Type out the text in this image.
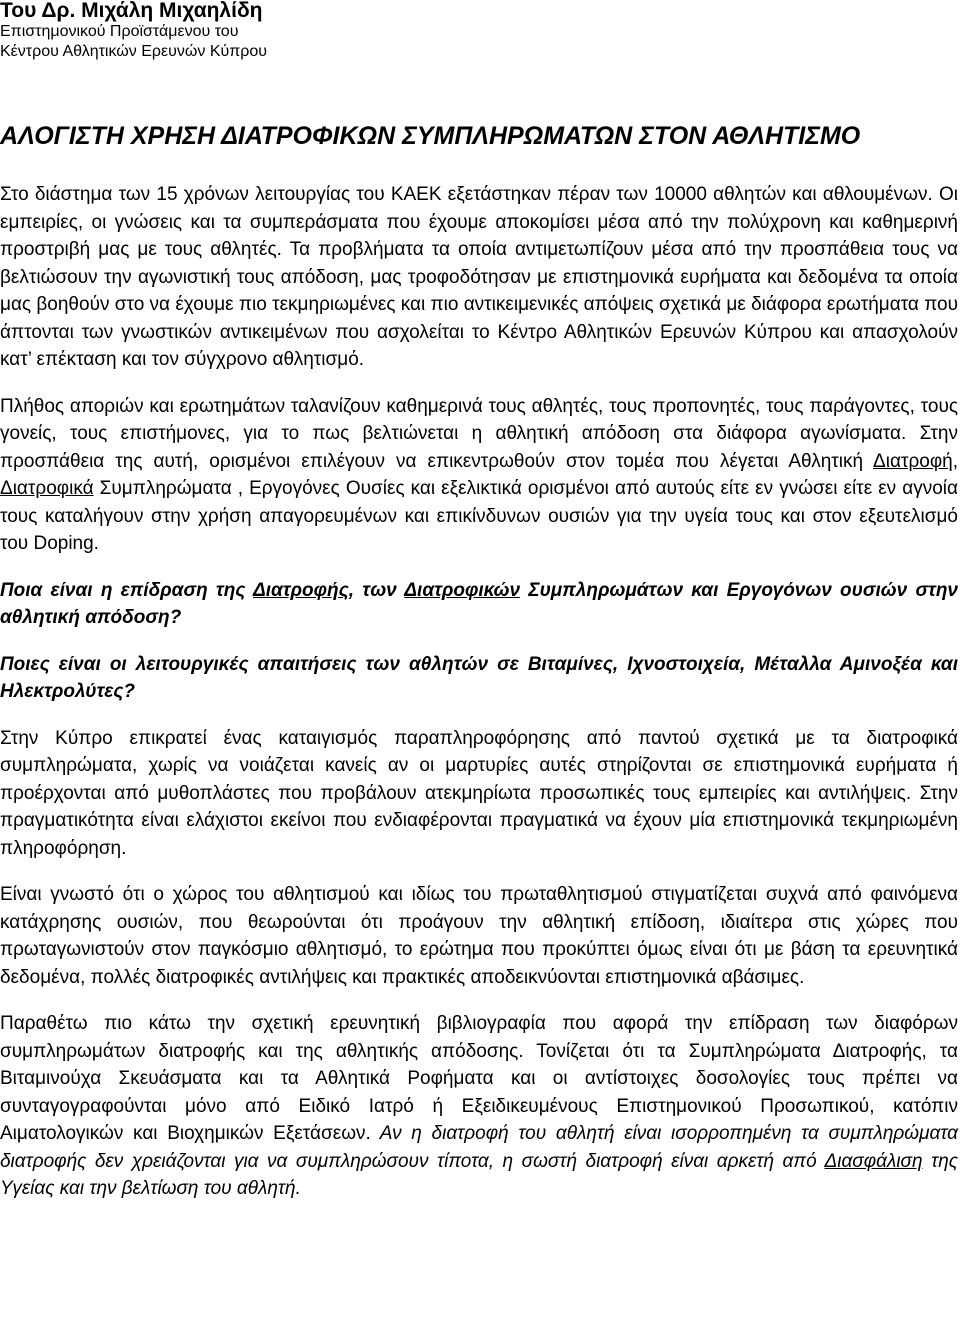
Του Δρ. Μιχάλη Μιχαηλίδη

Επιστημονικού Προϊστάμενου του

Κέντρου Αθλητικών Ερευνών Κύπρου

ΑΛΟΓΙΣΤΗ ΧΡΗΣΗ ΔΙΑΤΡΟΦΙΚΩΝ ΣΥΜΠΛΗΡΩΜΑΤΩΝ ΣΤΟΝ ΑΘΛΗΤΙΣΜΟ

Στο διάστημα των 15 χρόνων λειτουργίας του ΚΑΕΚ εξετάστηκαν πέραν των 10000 αθλητών και αθλουμένων. Οι εμπειρίες, οι γνώσεις και τα συμπεράσματα που έχουμε αποκομίσει μέσα από την πολύχρονη και καθημερινή προστριβή μας με τους αθλητές. Τα προβλήματα τα οποία αντιμετωπίζουν μέσα από την προσπάθεια τους να βελτιώσουν την αγωνιστική τους απόδοση, μας τροφοδότησαν με επιστημονικά ευρήματα και δεδομένα τα οποία μας βοηθούν στο να έχουμε πιο τεκμηριωμένες και πιο αντικειμενικές απόψεις σχετικά με διάφορα ερωτήματα που άπτονται των γνωστικών αντικειμένων που ασχολείται το Κέντρο Αθλητικών Ερευνών Κύπρου και απασχολούν κατ’ επέκταση και τον σύγχρονο αθλητισμό.

Πλήθος αποριών και ερωτημάτων ταλανίζουν καθημερινά τους αθλητές, τους προπονητές, τους παράγοντες, τους γονείς, τους επιστήμονες, για το πως βελτιώνεται η αθλητική απόδοση στα διάφορα αγωνίσματα. Στην προσπάθεια της αυτή, ορισμένοι επιλέγουν να επικεντρωθούν στον τομέα που λέγεται Αθλητική Διατροφή, Διατροφικά Συμπληρώματα , Εργογόνες Ουσίες και εξελικτικά ορισμένοι από αυτούς είτε εν γνώσει είτε εν αγνοία τους καταλήγουν στην χρήση απαγορευμένων και επικίνδυνων ουσιών για την υγεία τους και στον εξευτελισμό του Doping.

Ποια είναι η επίδραση της Διατροφής, των Διατροφικών Συμπληρωμάτων και Εργογόνων ουσιών στην αθλητική απόδοση?

Ποιες είναι οι λειτουργικές απαιτήσεις των αθλητών σε Βιταμίνες, Ιχνοστοιχεία, Μέταλλα Αμινοξέα και Ηλεκτρολύτες?

Στην Κύπρο επικρατεί ένας καταιγισμός παραπληροφόρησης από παντού σχετικά με τα διατροφικά συμπληρώματα, χωρίς να νοιάζεται κανείς αν οι μαρτυρίες αυτές στηρίζονται σε επιστημονικά ευρήματα ή προέρχονται από μυθοπλάστες που προβάλουν ατεκμηρίωτα προσωπικές τους εμπειρίες και αντιλήψεις. Στην πραγματικότητα είναι ελάχιστοι εκείνοι που ενδιαφέρονται πραγματικά να έχουν μία επιστημονικά τεκμηριωμένη πληροφόρηση.

Είναι γνωστό ότι ο χώρος του αθλητισμού και ιδίως του πρωταθλητισμού στιγματίζεται συχνά από φαινόμενα κατάχρησης ουσιών, που θεωρούνται ότι προάγουν την αθλητική επίδοση, ιδιαίτερα στις χώρες που πρωταγωνιστούν στον παγκόσμιο αθλητισμό, το ερώτημα που προκύπτει όμως είναι ότι με βάση τα ερευνητικά δεδομένα, πολλές διατροφικές αντιλήψεις και πρακτικές αποδεικνύονται επιστημονικά αβάσιμες.

Παραθέτω πιο κάτω την σχετική ερευνητική βιβλιογραφία που αφορά την επίδραση των διαφόρων συμπληρωμάτων διατροφής και της αθλητικής απόδοσης. Τονίζεται ότι τα Συμπληρώματα Διατροφής, τα Βιταμινούχα Σκευάσματα και τα Αθλητικά Ροφήματα και οι αντίστοιχες δοσολογίες τους πρέπει να συνταγογραφούνται μόνο από Ειδικό Ιατρό ή Εξειδικευμένους Επιστημονικού Προσωπικού, κατόπιν Αιματολογικών και Βιοχημικών Εξετάσεων. Αν η διατροφή του αθλητή είναι ισορροπημένη τα συμπληρώματα διατροφής δεν χρειάζονται για να συμπληρώσουν τίποτα, η σωστή διατροφή είναι αρκετή από Διασφάλιση της Υγείας και την βελτίωση του αθλητή.
